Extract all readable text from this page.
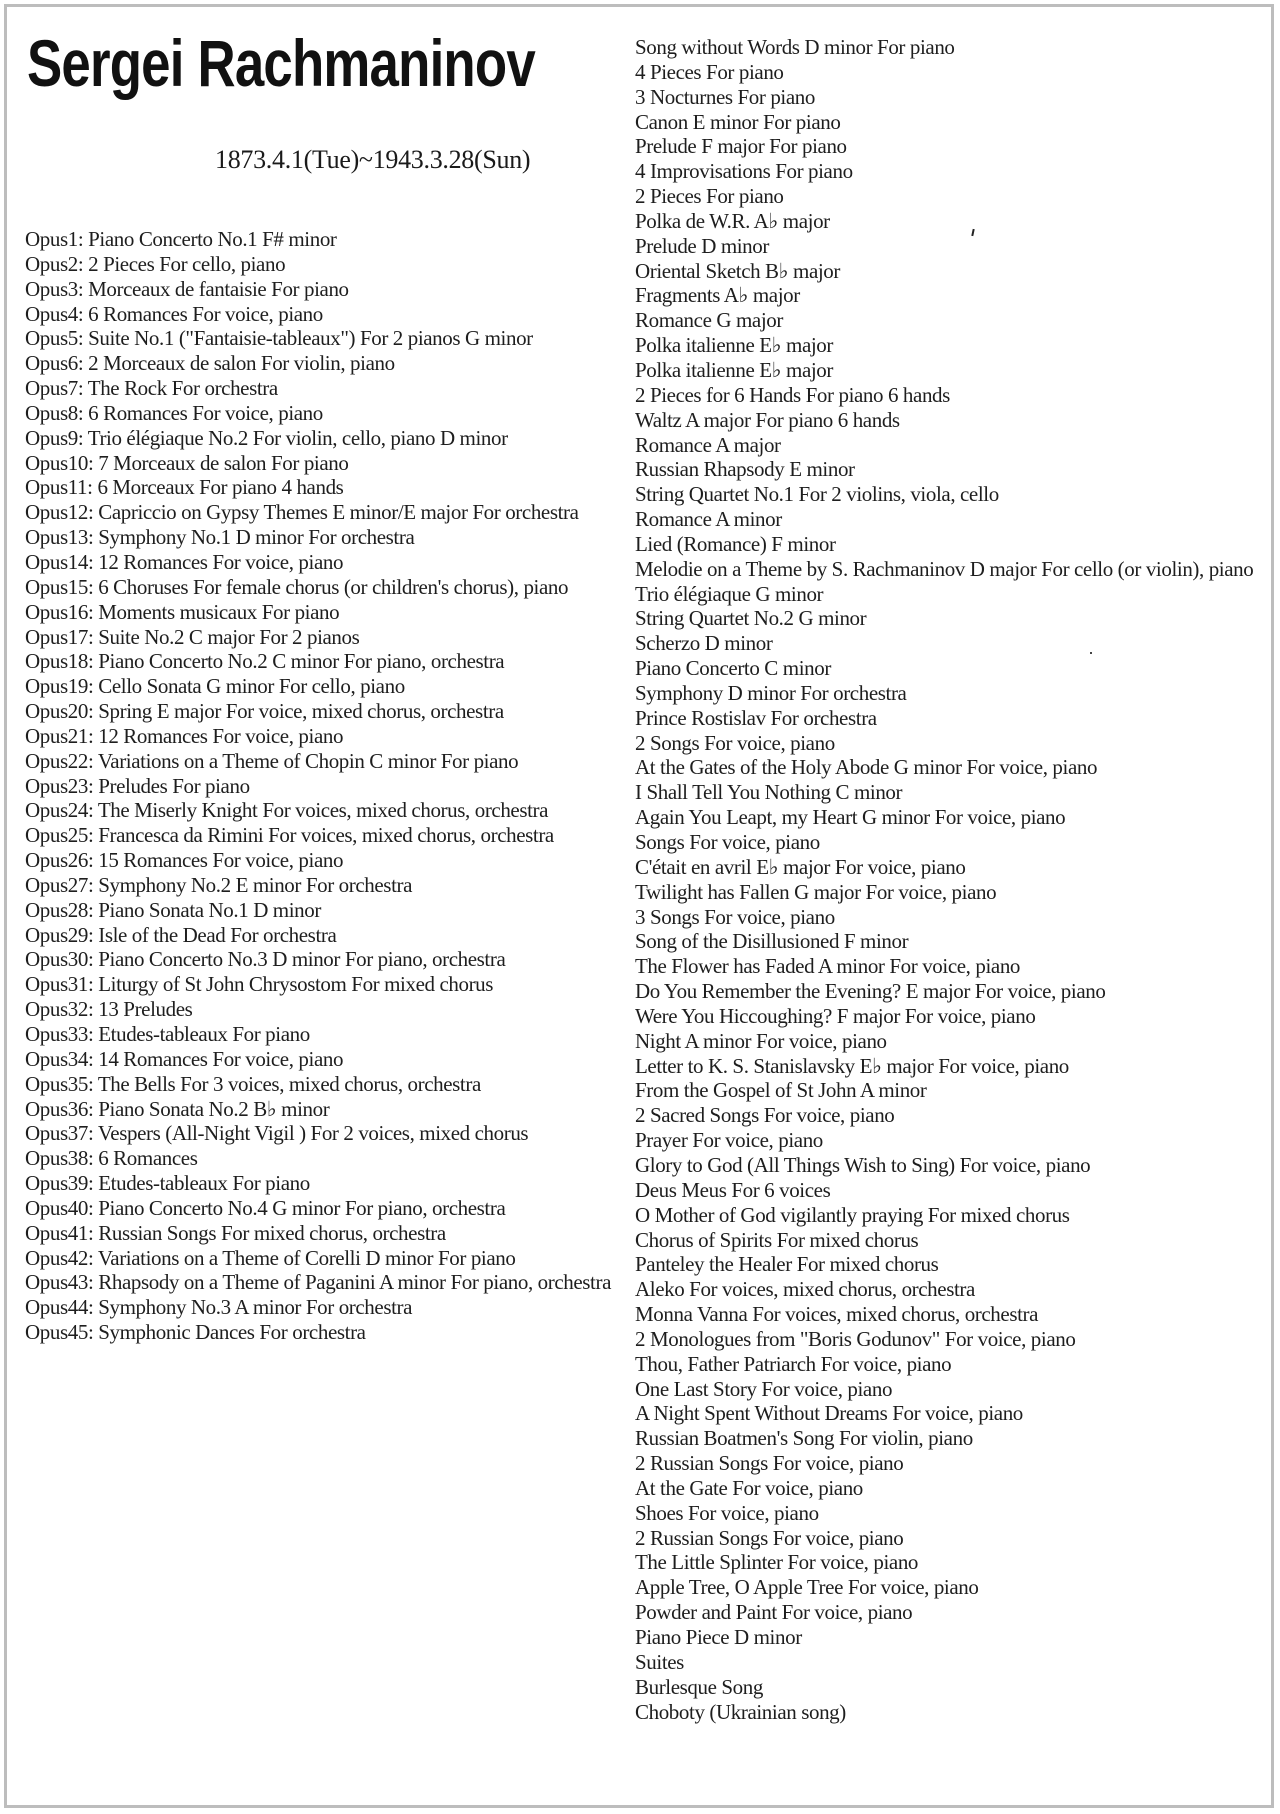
Sergei Rachmaninov
1873.4.1(Tue)~1943.3.28(Sun)
Opus1: Piano Concerto No.1 F# minor
Opus2: 2 Pieces For cello, piano
Opus3: Morceaux de fantaisie For piano
Opus4: 6 Romances For voice, piano
Opus5: Suite No.1 ("Fantaisie-tableaux") For 2 pianos G minor
Opus6: 2 Morceaux de salon For violin, piano
Opus7: The Rock For orchestra
Opus8: 6 Romances For voice, piano
Opus9: Trio élégiaque No.2 For violin, cello, piano D minor
Opus10: 7 Morceaux de salon For piano
Opus11: 6 Morceaux For piano 4 hands
Opus12: Capriccio on Gypsy Themes E minor/E major For orchestra
Opus13: Symphony No.1 D minor For orchestra
Opus14: 12 Romances For voice, piano
Opus15: 6 Choruses For female chorus (or children's chorus), piano
Opus16: Moments musicaux For piano
Opus17: Suite No.2 C major For 2 pianos
Opus18: Piano Concerto No.2 C minor For piano, orchestra
Opus19: Cello Sonata G minor For cello, piano
Opus20: Spring E major For voice, mixed chorus, orchestra
Opus21: 12 Romances For voice, piano
Opus22: Variations on a Theme of Chopin C minor For piano
Opus23: Preludes For piano
Opus24: The Miserly Knight For voices, mixed chorus, orchestra
Opus25: Francesca da Rimini For voices, mixed chorus, orchestra
Opus26: 15 Romances For voice, piano
Opus27: Symphony No.2 E minor For orchestra
Opus28: Piano Sonata No.1 D minor
Opus29: Isle of the Dead For orchestra
Opus30: Piano Concerto No.3 D minor For piano, orchestra
Opus31: Liturgy of St John Chrysostom For mixed chorus
Opus32: 13 Preludes
Opus33: Etudes-tableaux For piano
Opus34: 14 Romances For voice, piano
Opus35: The Bells For 3 voices, mixed chorus, orchestra
Opus36: Piano Sonata No.2 B♭ minor
Opus37: Vespers (All-Night Vigil ) For 2 voices, mixed chorus
Opus38: 6 Romances
Opus39: Etudes-tableaux For piano
Opus40: Piano Concerto No.4 G minor For piano, orchestra
Opus41: Russian Songs For mixed chorus, orchestra
Opus42: Variations on a Theme of Corelli D minor For piano
Opus43: Rhapsody on a Theme of Paganini A minor For piano, orchestra
Opus44: Symphony No.3 A minor For orchestra
Opus45: Symphonic Dances For orchestra
Song without Words D minor For piano
4 Pieces For piano
3 Nocturnes For piano
Canon E minor For piano
Prelude F major For piano
4 Improvisations For piano
2 Pieces For piano
Polka de W.R. A♭ major
Prelude D minor
Oriental Sketch B♭ major
Fragments A♭ major
Romance G major
Polka italienne E♭ major
Polka italienne E♭ major
2 Pieces for 6 Hands For piano 6 hands
Waltz A major For piano 6 hands
Romance A major
Russian Rhapsody E minor
String Quartet No.1 For 2 violins, viola, cello
Romance A minor
Lied (Romance) F minor
Melodie on a Theme by S. Rachmaninov D major For cello (or violin), piano
Trio élégiaque G minor
String Quartet No.2 G minor
Scherzo D minor
Piano Concerto C minor
Symphony D minor For orchestra
Prince Rostislav For orchestra
2 Songs For voice, piano
At the Gates of the Holy Abode G minor For voice, piano
I Shall Tell You Nothing C minor
Again You Leapt, my Heart G minor For voice, piano
Songs For voice, piano
C'était en avril E♭ major For voice, piano
Twilight has Fallen G major For voice, piano
3 Songs For voice, piano
Song of the Disillusioned F minor
The Flower has Faded A minor For voice, piano
Do You Remember the Evening? E major For voice, piano
Were You Hiccoughing? F major For voice, piano
Night A minor For voice, piano
Letter to K. S. Stanislavsky E♭ major For voice, piano
From the Gospel of St John A minor
2 Sacred Songs For voice, piano
Prayer For voice, piano
Glory to God (All Things Wish to Sing) For voice, piano
Deus Meus For 6 voices
O Mother of God vigilantly praying For mixed chorus
Chorus of Spirits For mixed chorus
Panteley the Healer For mixed chorus
Aleko For voices, mixed chorus, orchestra
Monna Vanna For voices, mixed chorus, orchestra
2 Monologues from "Boris Godunov" For voice, piano
Thou, Father Patriarch For voice, piano
One Last Story For voice, piano
A Night Spent Without Dreams For voice, piano
Russian Boatmen's Song For violin, piano
2 Russian Songs For voice, piano
At the Gate For voice, piano
Shoes For voice, piano
2 Russian Songs For voice, piano
The Little Splinter For voice, piano
Apple Tree, O Apple Tree For voice, piano
Powder and Paint For voice, piano
Piano Piece D minor
Suites
Burlesque Song
Choboty (Ukrainian song)
